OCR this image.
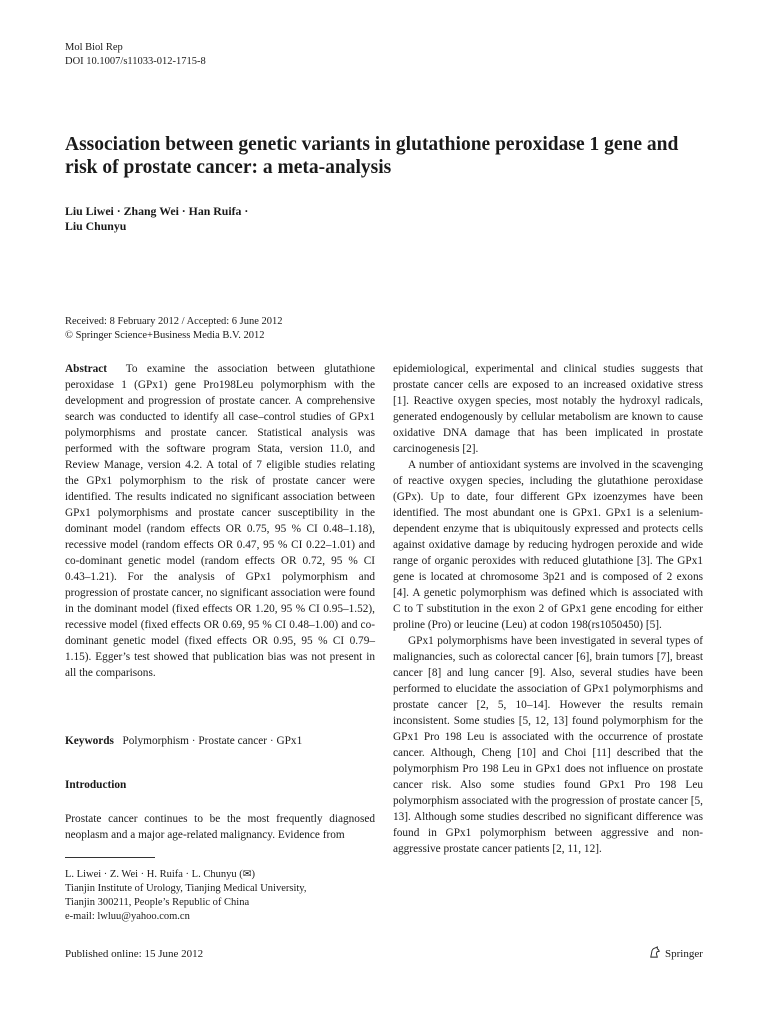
Mol Biol Rep
DOI 10.1007/s11033-012-1715-8
Association between genetic variants in glutathione peroxidase 1 gene and risk of prostate cancer: a meta-analysis
Liu Liwei · Zhang Wei · Han Ruifa ·
Liu Chunyu
Received: 8 February 2012 / Accepted: 6 June 2012
© Springer Science+Business Media B.V. 2012

Abstract To examine the association between glutathione peroxidase 1 (GPx1) gene Pro198Leu polymorphism with the development and progression of prostate cancer. A comprehensive search was conducted to identify all case–control studies of GPx1 polymorphisms and prostate cancer. Statistical analysis was performed with the software program Stata, version 11.0, and Review Manage, version 4.2. A total of 7 eligible studies relating the GPx1 polymorphism to the risk of prostate cancer were identified. The results indicated no significant association between GPx1 polymorphisms and prostate cancer susceptibility in the dominant model (random effects OR 0.75, 95 % CI 0.48–1.18), recessive model (random effects OR 0.47, 95 % CI 0.22–1.01) and co-dominant genetic model (random effects OR 0.72, 95 % CI 0.43–1.21). For the analysis of GPx1 polymorphism and progression of prostate cancer, no significant association were found in the dominant model (fixed effects OR 1.20, 95 % CI 0.95–1.52), recessive model (fixed effects OR 0.69, 95 % CI 0.48–1.00) and co-dominant genetic model (fixed effects OR 0.95, 95 % CI 0.79–1.15). Egger’s test showed that publication bias was not present in all the comparisons.

Keywords Polymorphism · Prostate cancer · GPx1
Introduction
Prostate cancer continues to be the most frequently diagnosed neoplasm and a major age-related malignancy. Evidence from
L. Liwei · Z. Wei · H. Ruifa · L. Chunyu (✉)
Tianjin Institute of Urology, Tianjing Medical University,
Tianjin 300211, People’s Republic of China
e-mail: lwluu@yahoo.com.cn

epidemiological, experimental and clinical studies suggests that prostate cancer cells are exposed to an increased oxidative stress [1]. Reactive oxygen species, most notably the hydroxyl radicals, generated endogenously by cellular metabolism are known to cause oxidative DNA damage that has been implicated in prostate carcinogenesis [2].

A number of antioxidant systems are involved in the scavenging of reactive oxygen species, including the glutathione peroxidase (GPx). Up to date, four different GPx izoenzymes have been identified. The most abundant one is GPx1. GPx1 is a selenium-dependent enzyme that is ubiquitously expressed and protects cells against oxidative damage by reducing hydrogen peroxide and wide range of organic peroxides with reduced glutathione [3]. The GPx1 gene is located at chromosome 3p21 and is composed of 2 exons [4]. A genetic polymorphism was defined which is associated with C to T substitution in the exon 2 of GPx1 gene encoding for either proline (Pro) or leucine (Leu) at codon 198(rs1050450) [5].

GPx1 polymorphisms have been investigated in several types of malignancies, such as colorectal cancer [6], brain tumors [7], breast cancer [8] and lung cancer [9]. Also, several studies have been performed to elucidate the association of GPx1 polymorphisms and prostate cancer [2, 5, 10–14]. However the results remain inconsistent. Some studies [5, 12, 13] found polymorphism for the GPx1 Pro 198 Leu is associated with the occurrence of prostate cancer. Although, Cheng [10] and Choi [11] described that the polymorphism Pro 198 Leu in GPx1 does not influence on prostate cancer risk. Also some studies found GPx1 Pro 198 Leu polymorphism associated with the progression of prostate cancer [5, 13]. Although some studies described no significant difference was found in GPx1 polymorphism between aggressive and non-aggressive prostate cancer patients [2, 11, 12].

Published online: 15 June 2012	Springer
